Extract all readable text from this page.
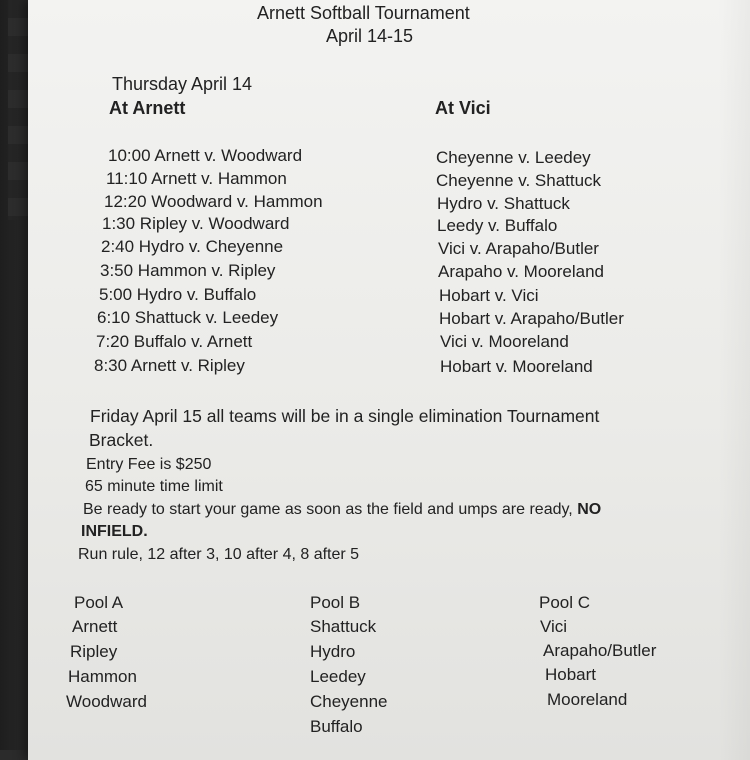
Arnett Softball Tournament
April 14-15
Thursday April 14
At Arnett	At Vici
10:00 Arnett v. Woodward
11:10 Arnett v. Hammon
12:20 Woodward v. Hammon
1:30 Ripley v. Woodward
2:40 Hydro v. Cheyenne
3:50 Hammon v. Ripley
5:00 Hydro v. Buffalo
6:10 Shattuck v. Leedey
7:20 Buffalo v. Arnett
8:30 Arnett v. Ripley
Cheyenne v. Leedey
Cheyenne v. Shattuck
Hydro v. Shattuck
Leedy v. Buffalo
Vici v. Arapaho/Butler
Arapaho v. Mooreland
Hobart v. Vici
Hobart v. Arapaho/Butler
Vici v. Mooreland
Hobart v. Mooreland
Friday April 15 all teams will be in a single elimination Tournament
Bracket.
Entry Fee is $250
65 minute time limit
Be ready to start your game as soon as the field and umps are ready, NO
INFIELD.
Run rule, 12 after 3, 10 after 4, 8 after 5
Pool A
Arnett
Ripley
Hammon
Woodward
Pool B
Shattuck
Hydro
Leedey
Cheyenne
Buffalo
Pool C
Vici
Arapaho/Butler
Hobart
Mooreland
